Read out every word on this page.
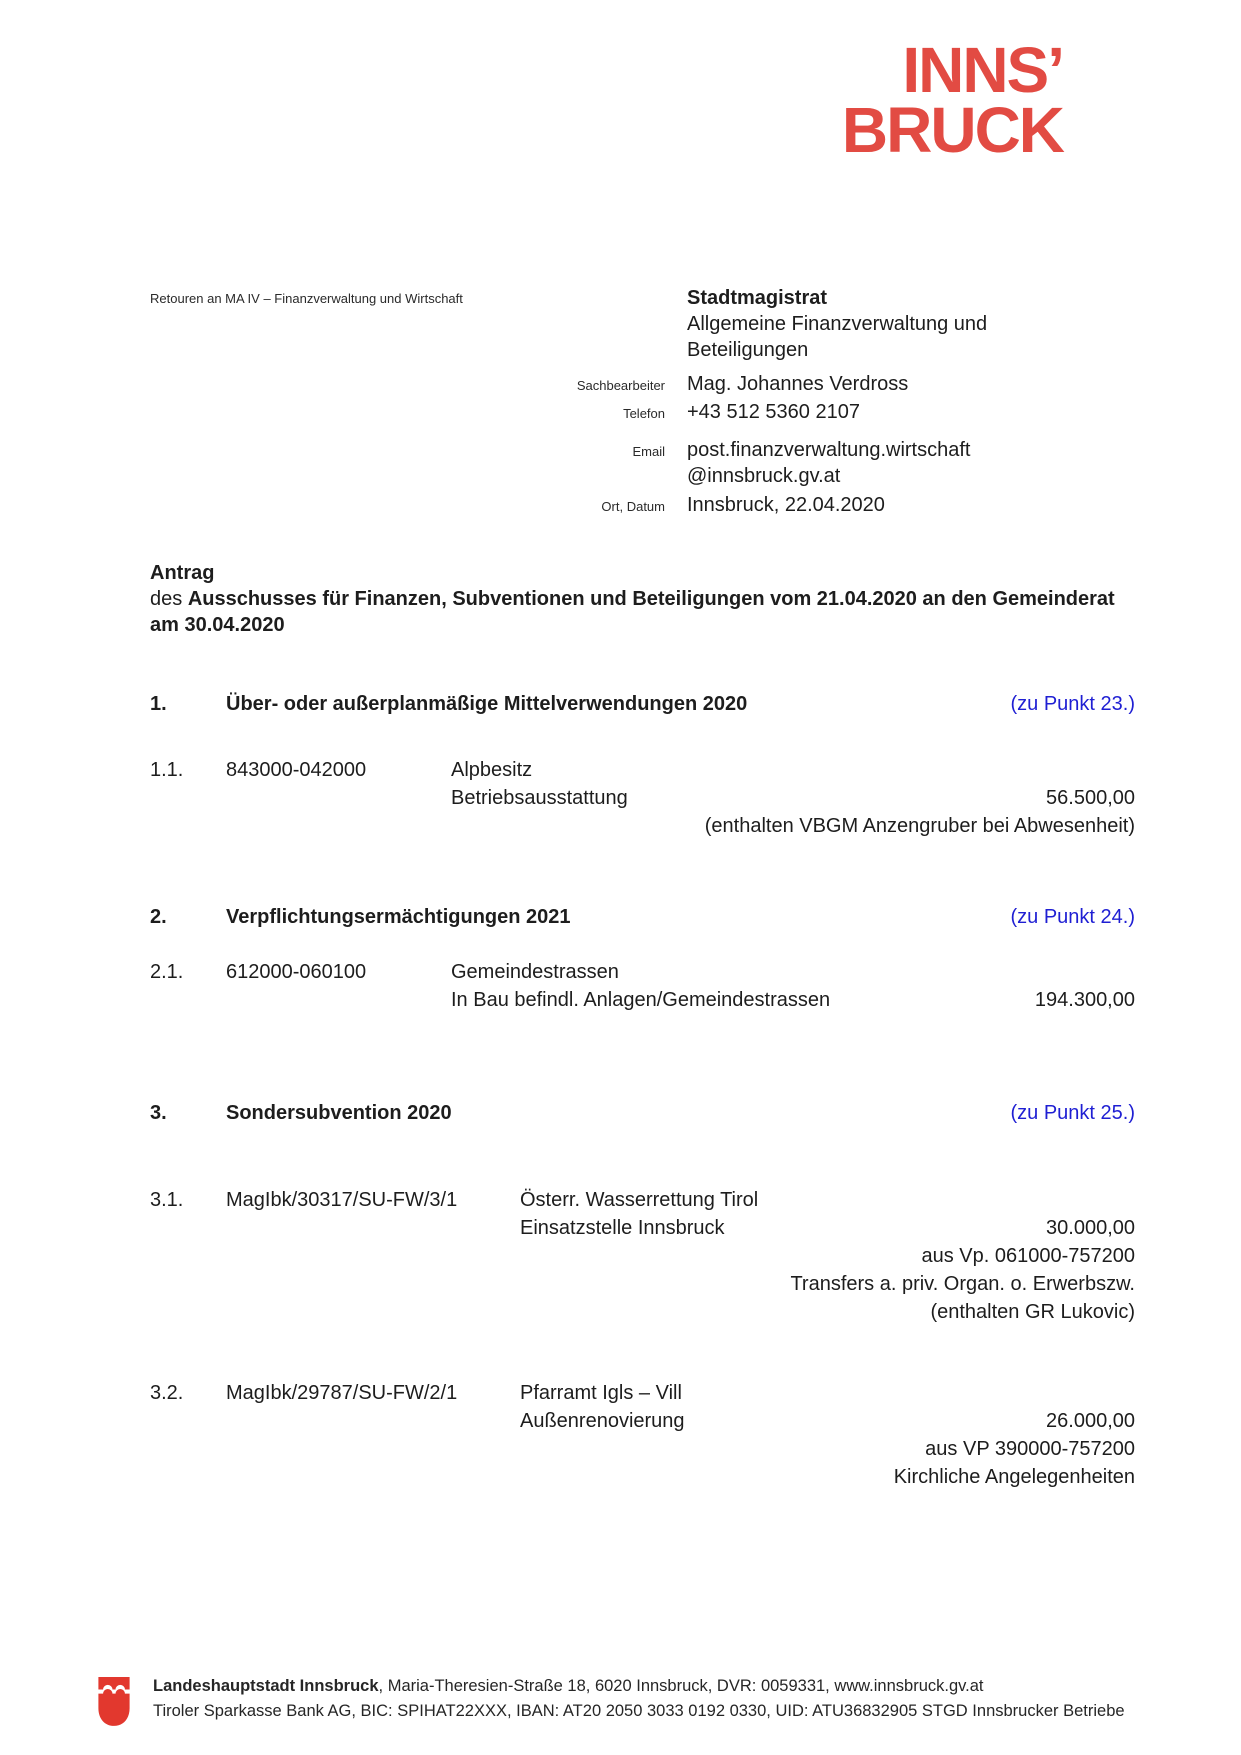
INNS’
BRUCK
Retouren an MA IV – Finanzverwaltung und Wirtschaft	Stadtmagistrat
Allgemeine Finanzverwaltung und
Beteiligungen
Sachbearbeiter Mag. Johannes Verdross
Telefon +43 512 5360 2107
Email post.finanzverwaltung.wirtschaft
@innsbruck.gv.at
Ort, Datum Innsbruck, 22.04.2020
Antrag
des Ausschusses für Finanzen, Subventionen und Beteiligungen vom 21.04.2020 an den Gemeinderat am 30.04.2020
1.	Über- oder außerplanmäßige Mittelverwendungen 2020	(zu Punkt 23.)
1.1.	843000-042000	Alpbesitz
Betriebsausstattung	56.500,00
(enthalten VBGM Anzengruber bei Abwesenheit)
2.	Verpflichtungsermächtigungen 2021	(zu Punkt 24.)
2.1.	612000-060100	Gemeindestrassen
In Bau befindl. Anlagen/Gemeindestrassen	194.300,00
3.	Sondersubvention 2020	(zu Punkt 25.)
3.1.	MagIbk/30317/SU-FW/3/1	Österr. Wasserrettung Tirol
Einsatzstelle Innsbruck	30.000,00
aus Vp. 061000-757200
Transfers a. priv. Organ. o. Erwerbszw.
(enthalten GR Lukovic)
3.2.	MagIbk/29787/SU-FW/2/1	Pfarramt Igls – Vill
Außenrenovierung	26.000,00
aus VP 390000-757200
Kirchliche Angelegenheiten
Landeshauptstadt Innsbruck, Maria-Theresien-Straße 18, 6020 Innsbruck, DVR: 0059331, www.innsbruck.gv.at
Tiroler Sparkasse Bank AG, BIC: SPIHAT22XXX, IBAN: AT20 2050 3033 0192 0330, UID: ATU36832905 STGD Innsbrucker Betriebe
